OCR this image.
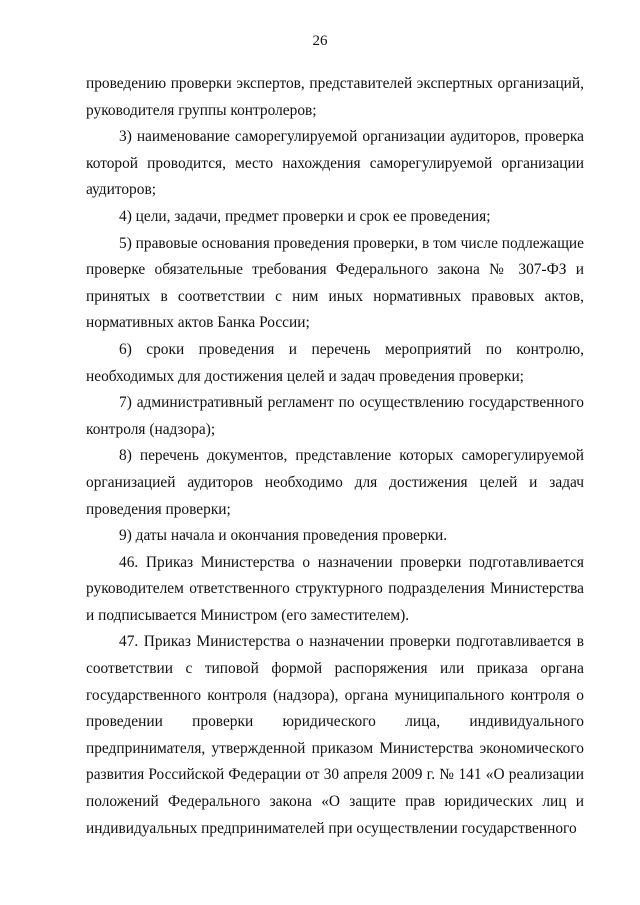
26

проведению проверки экспертов, представителей экспертных организаций, руководителя группы контролеров;

3) наименование саморегулируемой организации аудиторов, проверка которой проводится, место нахождения саморегулируемой организации аудиторов;

4) цели, задачи, предмет проверки и срок ее проведения;

5) правовые основания проведения проверки, в том числе подлежащие проверке обязательные требования Федерального закона № 307-ФЗ и принятых в соответствии с ним иных нормативных правовых актов, нормативных актов Банка России;

6) сроки проведения и перечень мероприятий по контролю, необходимых для достижения целей и задач проведения проверки;

7) административный регламент по осуществлению государственного контроля (надзора);

8) перечень документов, представление которых саморегулируемой организацией аудиторов необходимо для достижения целей и задач проведения проверки;

9) даты начала и окончания проведения проверки.

46. Приказ Министерства о назначении проверки подготавливается руководителем ответственного структурного подразделения Министерства и подписывается Министром (его заместителем).

47. Приказ Министерства о назначении проверки подготавливается в соответствии с типовой формой распоряжения или приказа органа государственного контроля (надзора), органа муниципального контроля о проведении проверки юридического лица, индивидуального предпринимателя, утвержденной приказом Министерства экономического развития Российской Федерации от 30 апреля 2009 г. № 141 «О реализации положений Федерального закона «О защите прав юридических лиц и индивидуальных предпринимателей при осуществлении государственного
